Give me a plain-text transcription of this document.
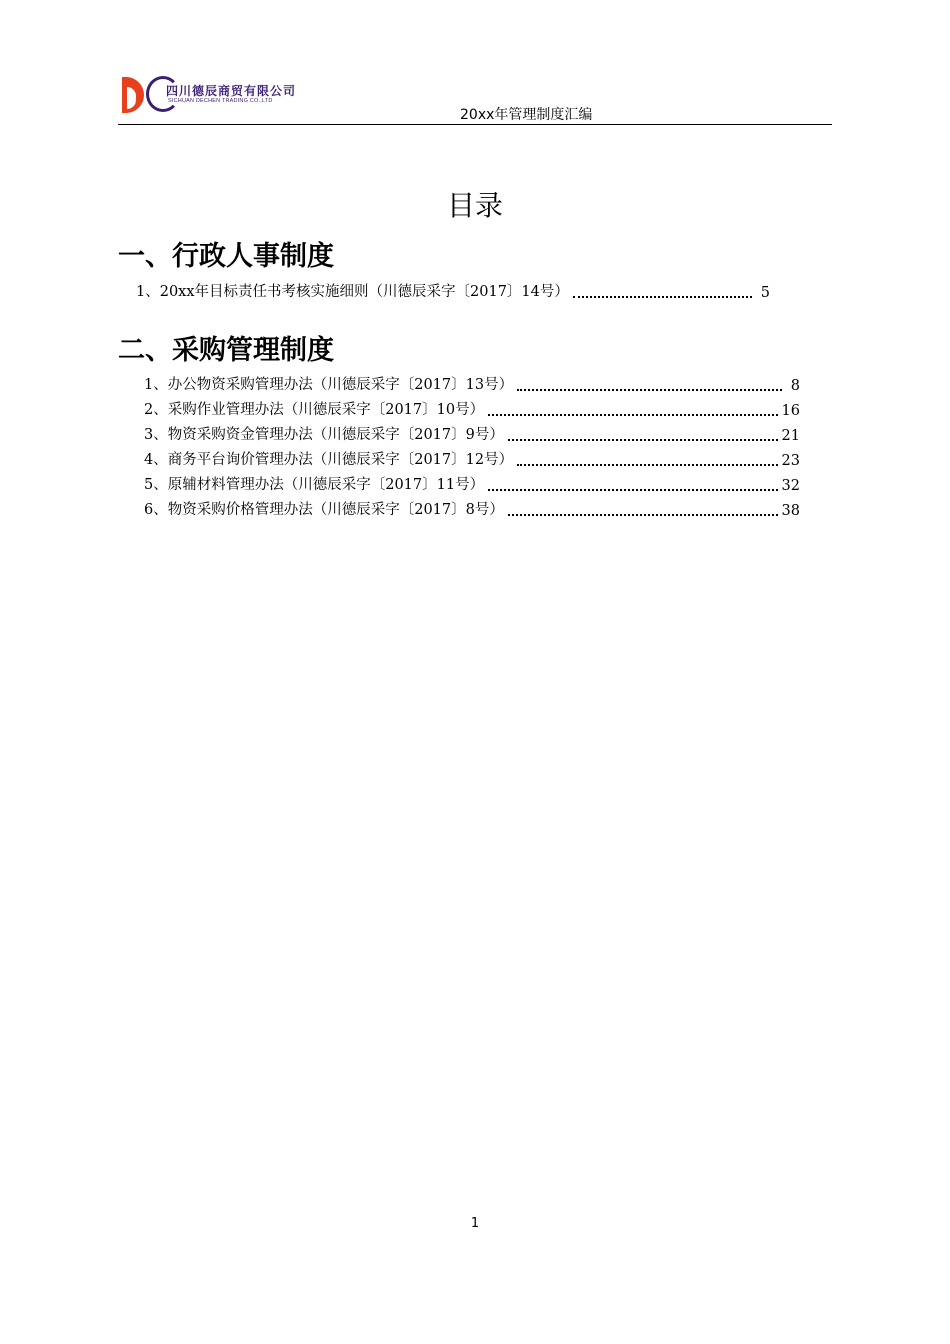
四川德辰商贸有限公司
SICHUAN DECHEN TRADING CO.,LTD
20xx年管理制度汇编
目录
一、行政人事制度
1、20xx年目标责任书考核实施细则（川德辰采字〔2017〕14号）	5
二、采购管理制度
1、办公物资采购管理办法（川德辰采字〔2017〕13号）	8
2、采购作业管理办法（川德辰采字〔2017〕10号）	16
3、物资采购资金管理办法（川德辰采字〔2017〕9号）	21
4、商务平台询价管理办法（川德辰采字〔2017〕12号）	23
5、原辅材料管理办法（川德辰采字〔2017〕11号）	32
6、物资采购价格管理办法（川德辰采字〔2017〕8号）	38
1
